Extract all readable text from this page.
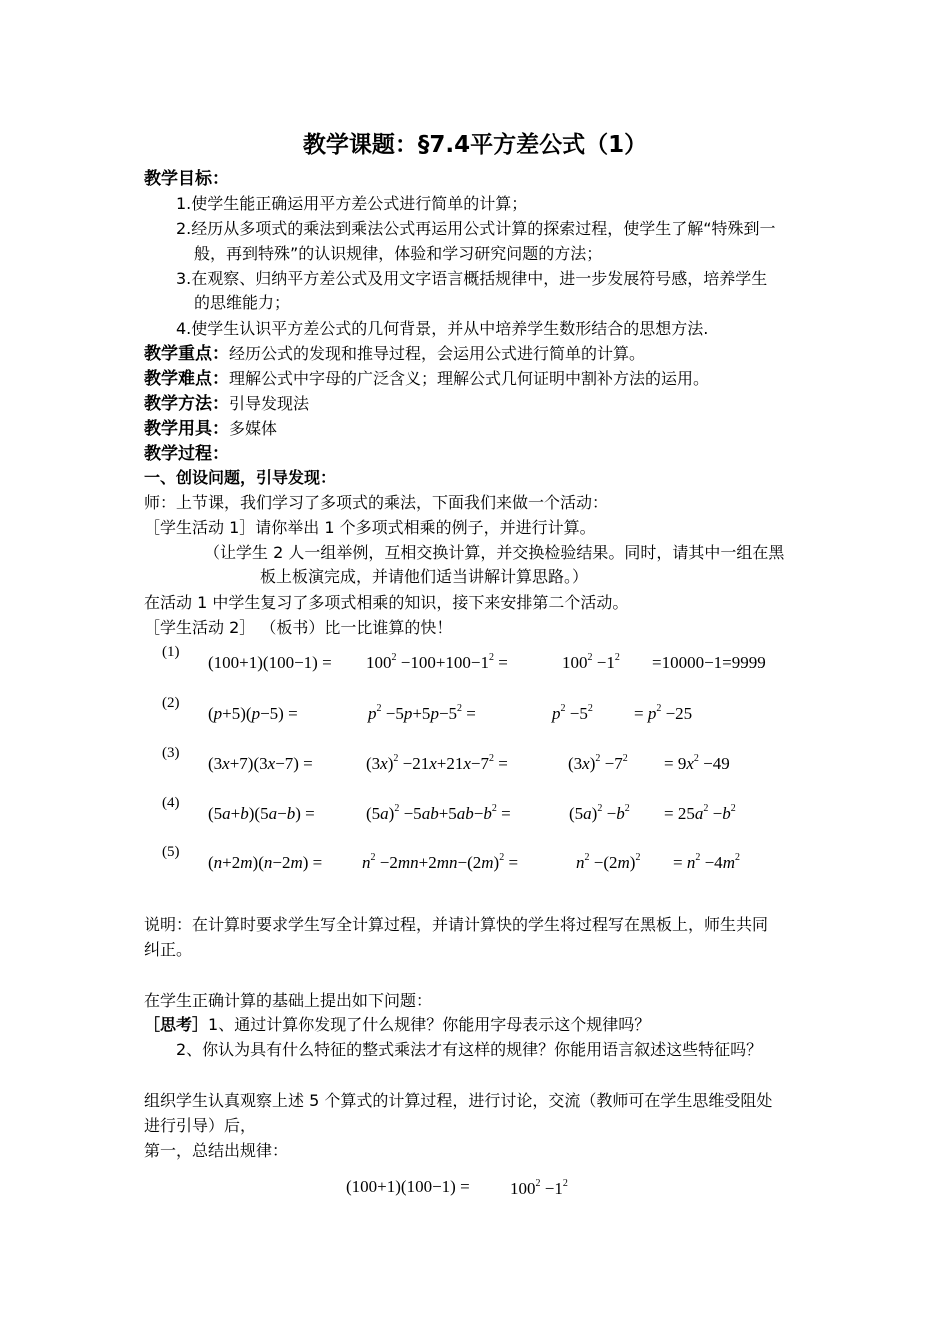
教学课题：§7.4平方差公式（1）
教学目标：
1.使学生能正确运用平方差公式进行简单的计算；
2.经历从多项式的乘法到乘法公式再运用公式计算的探索过程，使学生了解“特殊到一
般，再到特殊”的认识规律，体验和学习研究问题的方法；
3.在观察、归纳平方差公式及用文字语言概括规律中，进一步发展符号感，培养学生
的思维能力；
4.使学生认识平方差公式的几何背景，并从中培养学生数形结合的思想方法.
教学重点：经历公式的发现和推导过程，会运用公式进行简单的计算。
教学难点：理解公式中字母的广泛含义；理解公式几何证明中割补方法的运用。
教学方法：引导发现法
教学用具：多媒体
教学过程：
一、创设问题，引导发现：
师：上节课，我们学习了多项式的乘法，下面我们来做一个活动：
［学生活动 1］请你举出 1 个多项式相乘的例子，并进行计算。
（让学生 2 人一组举例，互相交换计算，并交换检验结果。同时，请其中一组在黑
板上板演完成，并请他们适当讲解计算思路。）
在活动 1 中学生复习了多项式相乘的知识，接下来安排第二个活动。
［学生活动 2］ （板书）比一比谁算的快！
(1)
$(100+1)(100-1) = 100^2 -100+100-1^2$ =	$100^2 -1^2 =10000-1=9999$
(2)
(p+5)(p−5) =	$p^2 -5p+5p-5^2$ =	$p^2 -5^2 = p^2 -25$
(3)
(3x+7)(3x−7) =	$(3x)^2 -21x+21x-7^2$ =	$(3x)^2 -7^2 = 9x^2 -49$
(4)
(5a+b)(5a−b) =	$(5a)^2 -5ab+5ab-b^2$ =	$(5a)^2 -b^2 = 25a^2 -b^2$
(5)
$(n+2m)(n-2m) = n^2 -2mn+2mn-(2m)^2$ =	$n^2 -(2m)^2 = n^2 -4m^2$
说明：在计算时要求学生写全计算过程，并请计算快的学生将过程写在黑板上，师生共同
纠正。
在学生正确计算的基础上提出如下问题：
［思考］1、通过计算你发现了什么规律？你能用字母表示这个规律吗？
2、你认为具有什么特征的整式乘法才有这样的规律？你能用语言叙述这些特征吗？
组织学生认真观察上述 5 个算式的计算过程，进行讨论，交流（教师可在学生思维受阻处
进行引导）后，
第一，总结出规律：
$(100+1)(100-1) = 100^2 -1^2$
